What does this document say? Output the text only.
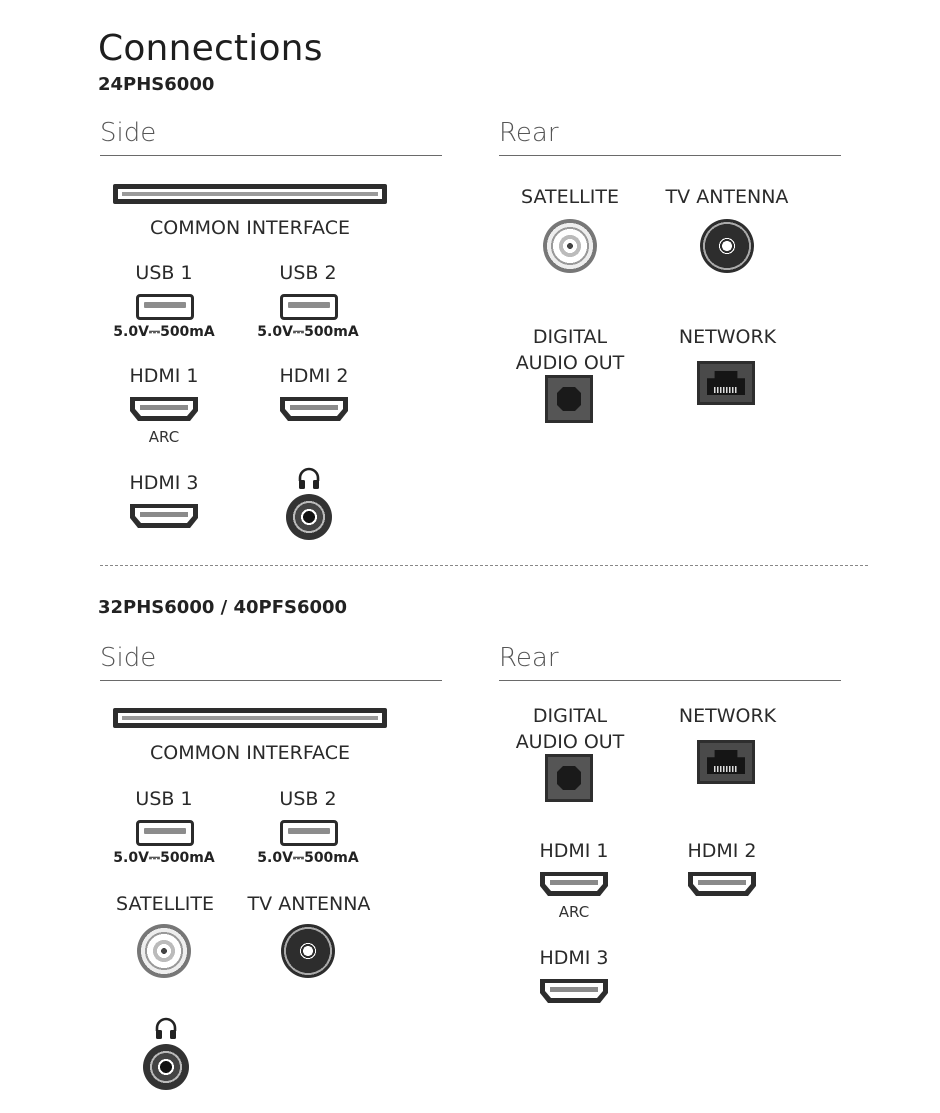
Connections
24PHS6000
Side	Rear
COMMON INTERFACE
USB 1
5.0V⎓500mA
USB 2
5.0V⎓500mA
HDMI 1
ARC
HDMI 2
HDMI 3
SATELLITE	TV ANTENNA
DIGITAL
AUDIO OUT
NETWORK
32PHS6000 / 40PFS6000
Side	Rear
COMMON INTERFACE
USB 1
5.0V⎓500mA
USB 2
5.0V⎓500mA
SATELLITE	TV ANTENNA
DIGITAL
AUDIO OUT
NETWORK
HDMI 1
ARC
HDMI 2
HDMI 3
